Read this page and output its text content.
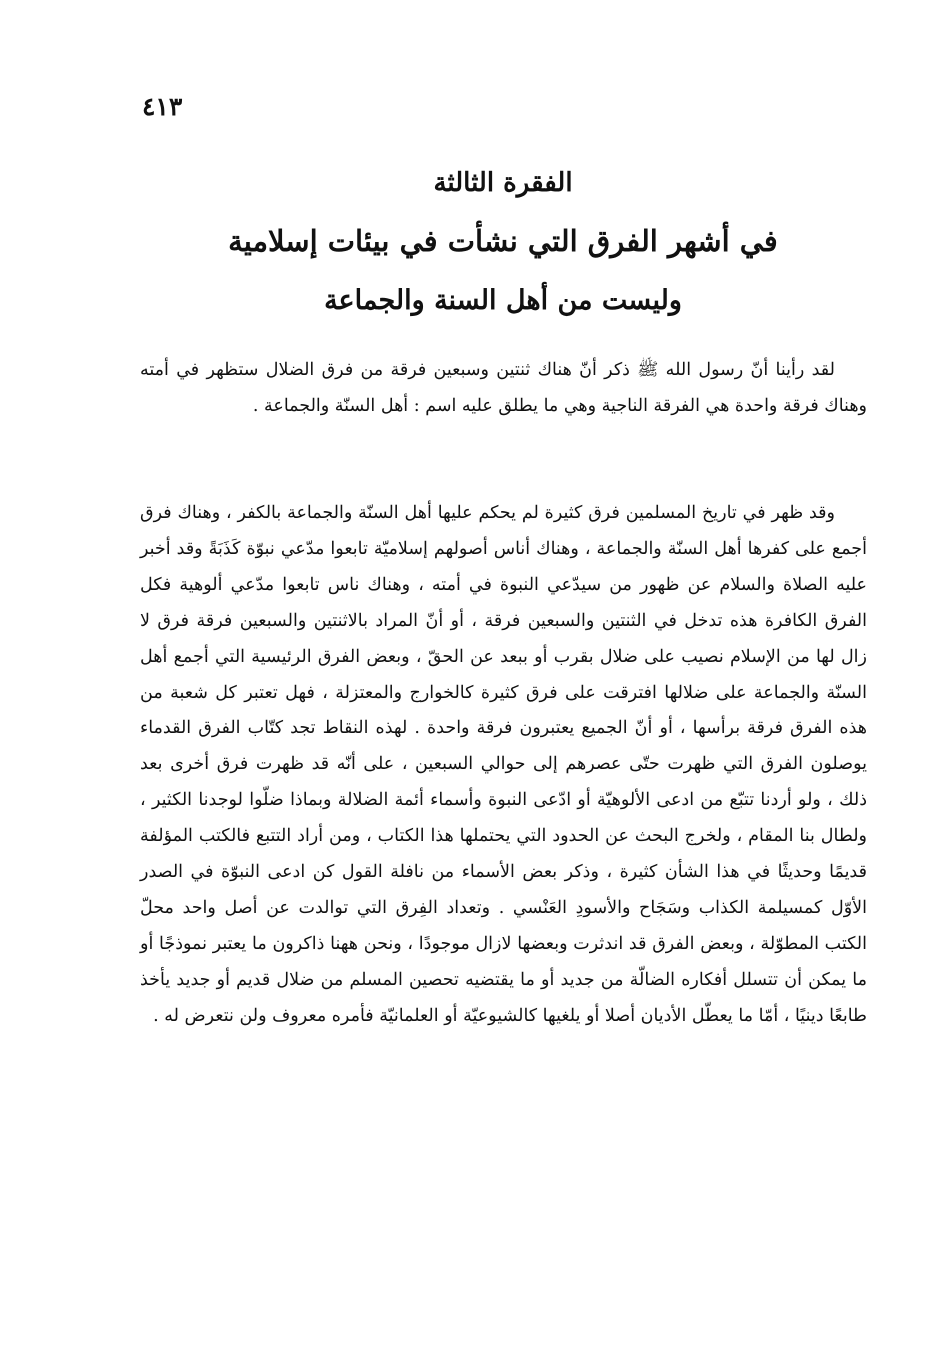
٤١٣
الفقرة الثالثة
في أشهر الفرق التي نشأت في بيئات إسلامية
وليست من أهل السنة والجماعة
لقد رأينا أنّ رسول الله ﷺ ذكر أنّ هناك ثنتين وسبعين فرقة من فرق الضلال ستظهر في أمته وهناك فرقة واحدة هي الفرقة الناجية وهي ما يطلق عليه اسم : أهل السنّة والجماعة .
وقد ظهر في تاريخ المسلمين فرق كثيرة لم يحكم عليها أهل السنّة والجماعة بالكفر ، وهناك فرق أجمع على كفرها أهل السنّة والجماعة ، وهناك أناس أصولهم إسلاميّة تابعوا مدّعي نبوّة كَذَبَةً وقد أخبر عليه الصلاة والسلام عن ظهور من سيدّعي النبوة في أمته ، وهناك ناس تابعوا مدّعي ألوهية فكل الفرق الكافرة هذه تدخل في الثنتين والسبعين فرقة ، أو أنّ المراد بالاثنتين والسبعين فرقة فرق لا زال لها من الإسلام نصيب على ضلال بقرب أو ببعد عن الحقّ ، وبعض الفرق الرئيسية التي أجمع أهل السنّة والجماعة على ضلالها افترقت على فرق كثيرة كالخوارج والمعتزلة ، فهل تعتبر كل شعبة من هذه الفرق فرقة برأسها ، أو أنّ الجميع يعتبرون فرقة واحدة . لهذه النقاط تجد كتّاب الفرق القدماء يوصلون الفرق التي ظهرت حتّى عصرهم إلى حوالي السبعين ، على أنّه قد ظهرت فرق أخرى بعد ذلك ، ولو أردنا تتبّع من ادعى الألوهيّة أو ادّعى النبوة وأسماء أئمة الضلالة وبماذا ضلّوا لوجدنا الكثير ، ولطال بنا المقام ، ولخرج البحث عن الحدود التي يحتملها هذا الكتاب ، ومن أراد التتبع فالكتب المؤلفة قديمًا وحديثًا في هذا الشأن كثيرة ، وذكر بعض الأسماء من نافلة القول كن ادعى النبوّة في الصدر الأوّل كمسيلمة الكذاب وسَجَاح والأسودِ العَنْسي . وتعداد الفِرق التي توالدت عن أصل واحد محلّ الكتب المطوّلة ، وبعض الفرق قد اندثرت وبعضها لازال موجودًا ، ونحن ههنا ذاكرون ما يعتبر نموذجًا أو ما يمكن أن تتسلل أفكاره الضالّة من جديد أو ما يقتضيه تحصين المسلم من ضلال قديم أو جديد يأخذ طابعًا دينيًا ، أمّا ما يعطّل الأديان أصلا أو يلغيها كالشيوعيّة أو العلمانيّة فأمره معروف ولن نتعرض له .
